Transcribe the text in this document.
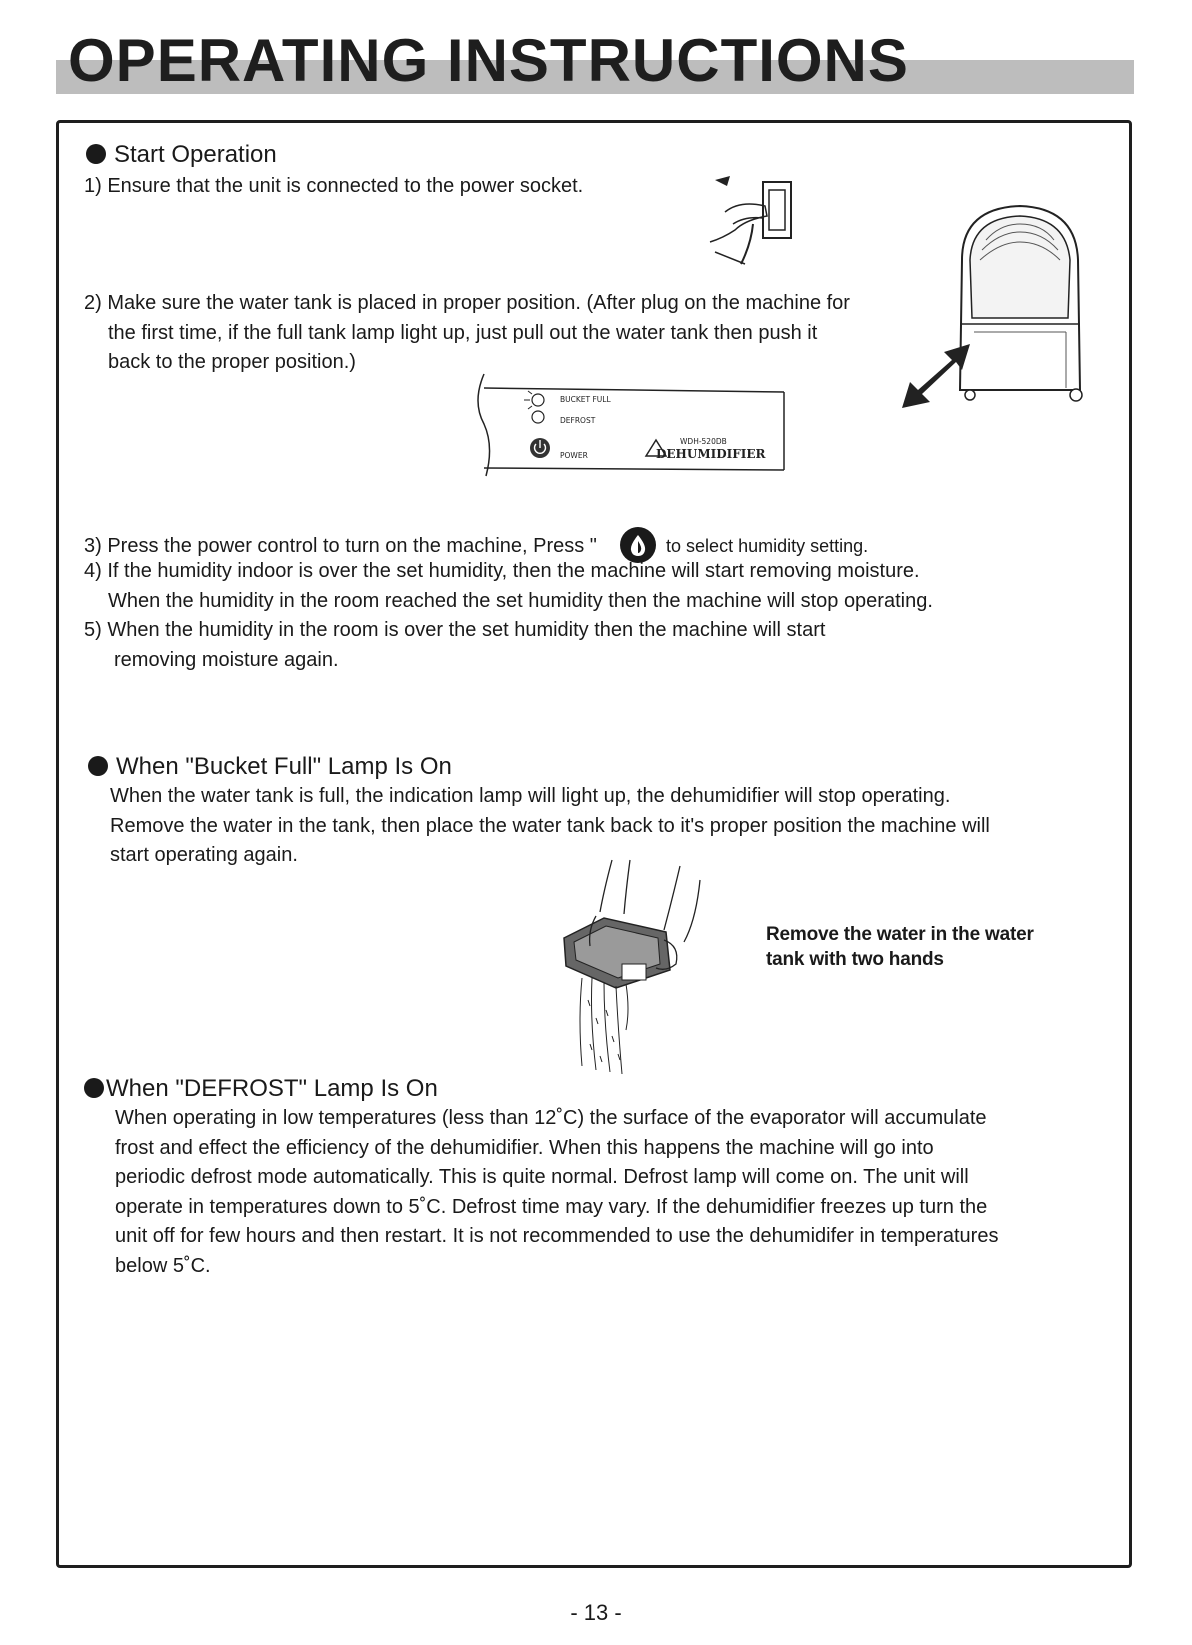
OPERATING INSTRUCTIONS
Start Operation
1) Ensure that the unit is connected to the power socket.

2) Make sure the water tank is placed in proper position. (After plug on the machine for

the first time, if the full tank lamp light up, just pull out the water tank then push it

back to the proper position.)

BUCKET FULL
DEFROST
POWER
WDH-520DB
DEHUMIDIFIER
3) Press the power control to turn on the machine, Press "	to select humidity setting.

4) If the humidity indoor is over the set humidity, then the machine will start removing moisture.

When the humidity in the room reached the set humidity then the machine will stop operating.

5) When the humidity in the room is over the set humidity then the machine will start

removing moisture again.

When "Bucket Full" Lamp Is On

When the water tank is full, the indication lamp will light up, the dehumidifier will stop operating.

Remove the water in the tank, then place the water tank back to it's proper position the machine will

start operating again.

Remove the water in the water
tank with two hands
When "DEFROST" Lamp Is On

When operating in low temperatures (less than 12˚C) the surface of the evaporator will accumulate

frost and effect the efficiency of the dehumidifier. When this happens the machine will go into

periodic defrost mode automatically. This is quite normal. Defrost lamp will come on. The unit will

operate in temperatures down to 5˚C. Defrost time may vary. If the dehumidifier freezes up turn the

unit off for few hours and then restart. It is not recommended to use the dehumidifer in temperatures

below 5˚C.

- 13 -
